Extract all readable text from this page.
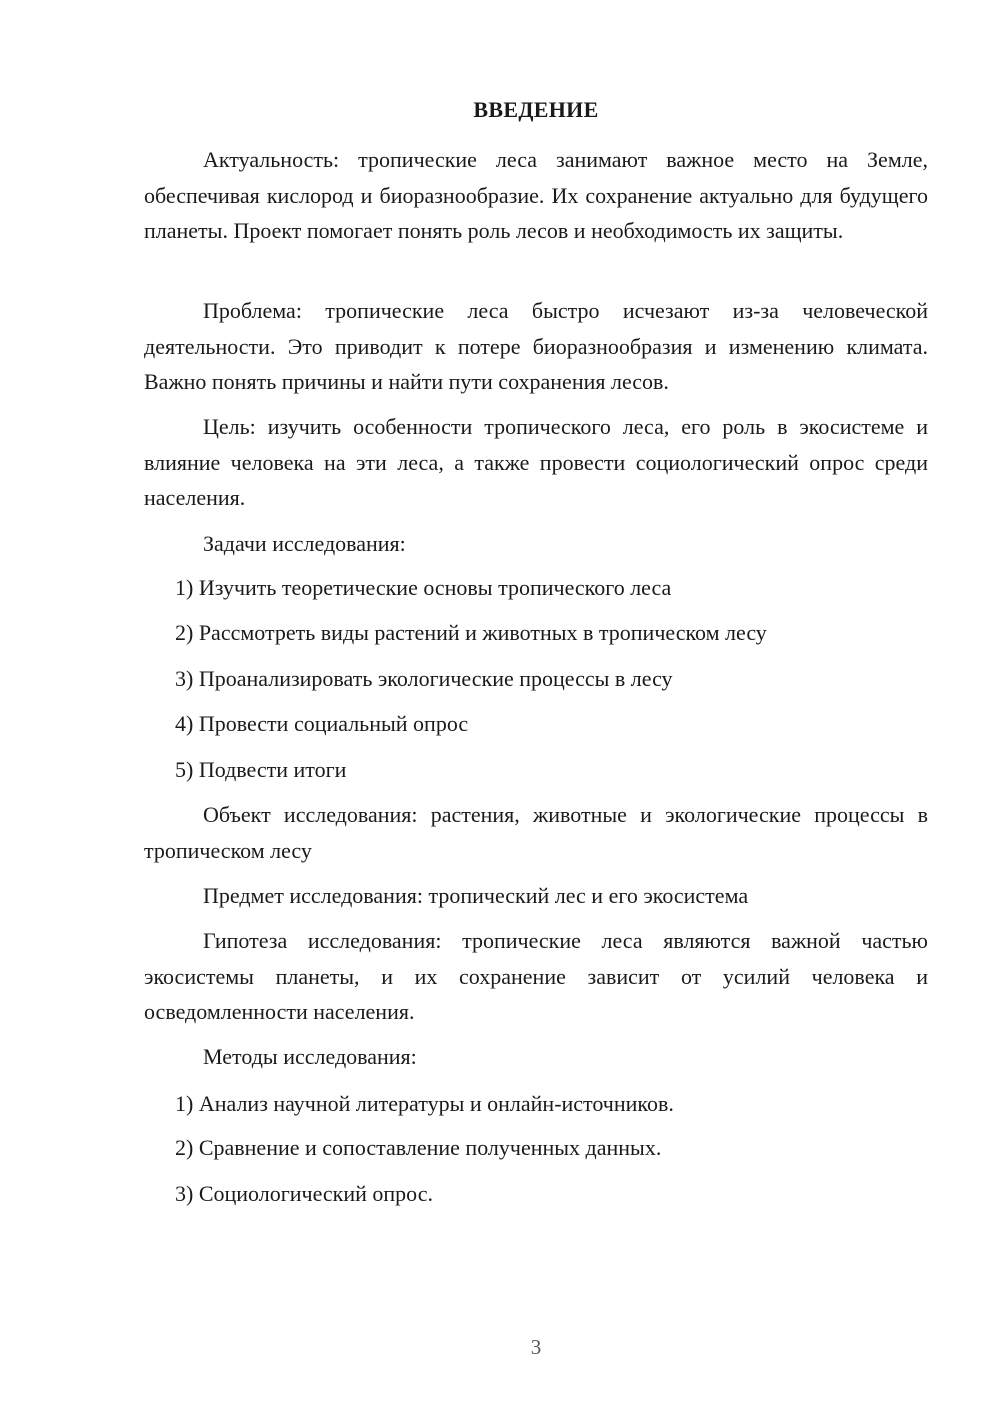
ВВЕДЕНИЕ

Актуальность: тропические леса занимают важное место на Земле, обеспечивая кислород и биоразнообразие. Их сохранение актуально для будущего планеты. Проект помогает понять роль лесов и необходимость их защиты.

Проблема: тропические леса быстро исчезают из-за человеческой деятельности. Это приводит к потере биоразнообразия и изменению климата. Важно понять причины и найти пути сохранения лесов.

Цель: изучить особенности тропического леса, его роль в экосистеме и влияние человека на эти леса, а также провести социологический опрос среди населения.

Задачи исследования:
1) Изучить теоретические основы тропического леса
2) Рассмотреть виды растений и животных в тропическом лесу
3) Проанализировать экологические процессы в лесу
4) Провести социальный опрос
5) Подвести итоги

Объект исследования: растения, животные и экологические процессы в тропическом лесу

Предмет исследования: тропический лес и его экосистема

Гипотеза исследования: тропические леса являются важной частью экосистемы планеты, и их сохранение зависит от усилий человека и осведомленности населения.

Методы исследования:
1) Анализ научной литературы и онлайн-источников.
2) Сравнение и сопоставление полученных данных.
3) Социологический опрос.
3
